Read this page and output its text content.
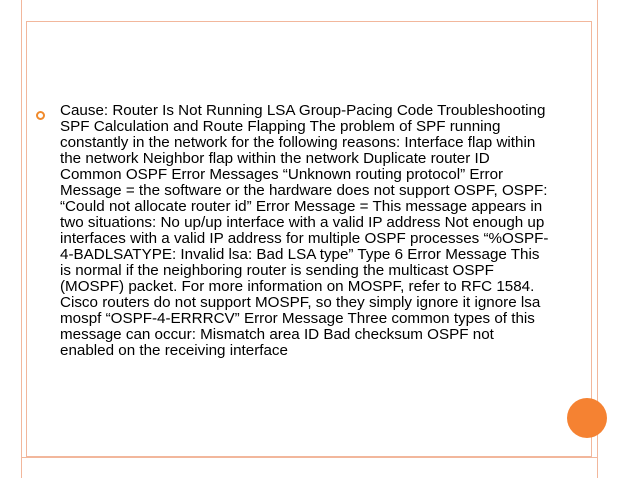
Cause: Router Is Not Running LSA Group-Pacing Code Troubleshooting SPF Calculation and Route Flapping The problem of SPF running constantly in the network for the following reasons: Interface flap within the network Neighbor flap within the network Duplicate router ID Common OSPF Error Messages “Unknown routing protocol” Error Message = the software or the hardware does not support OSPF, OSPF: “Could not allocate router id” Error Message = This message appears in two situations: No up/up interface with a valid IP address Not enough up interfaces with a valid IP address for multiple OSPF processes “%OSPF-4-BADLSATYPE: Invalid lsa: Bad LSA type” Type 6 Error Message This is normal if the neighboring router is sending the multicast OSPF (MOSPF) packet. For more information on MOSPF, refer to RFC 1584. Cisco routers do not support MOSPF, so they simply ignore it ignore lsa mospf “OSPF-4-ERRRCV” Error Message Three common types of this message can occur: Mismatch area ID Bad checksum OSPF not enabled on the receiving interface
